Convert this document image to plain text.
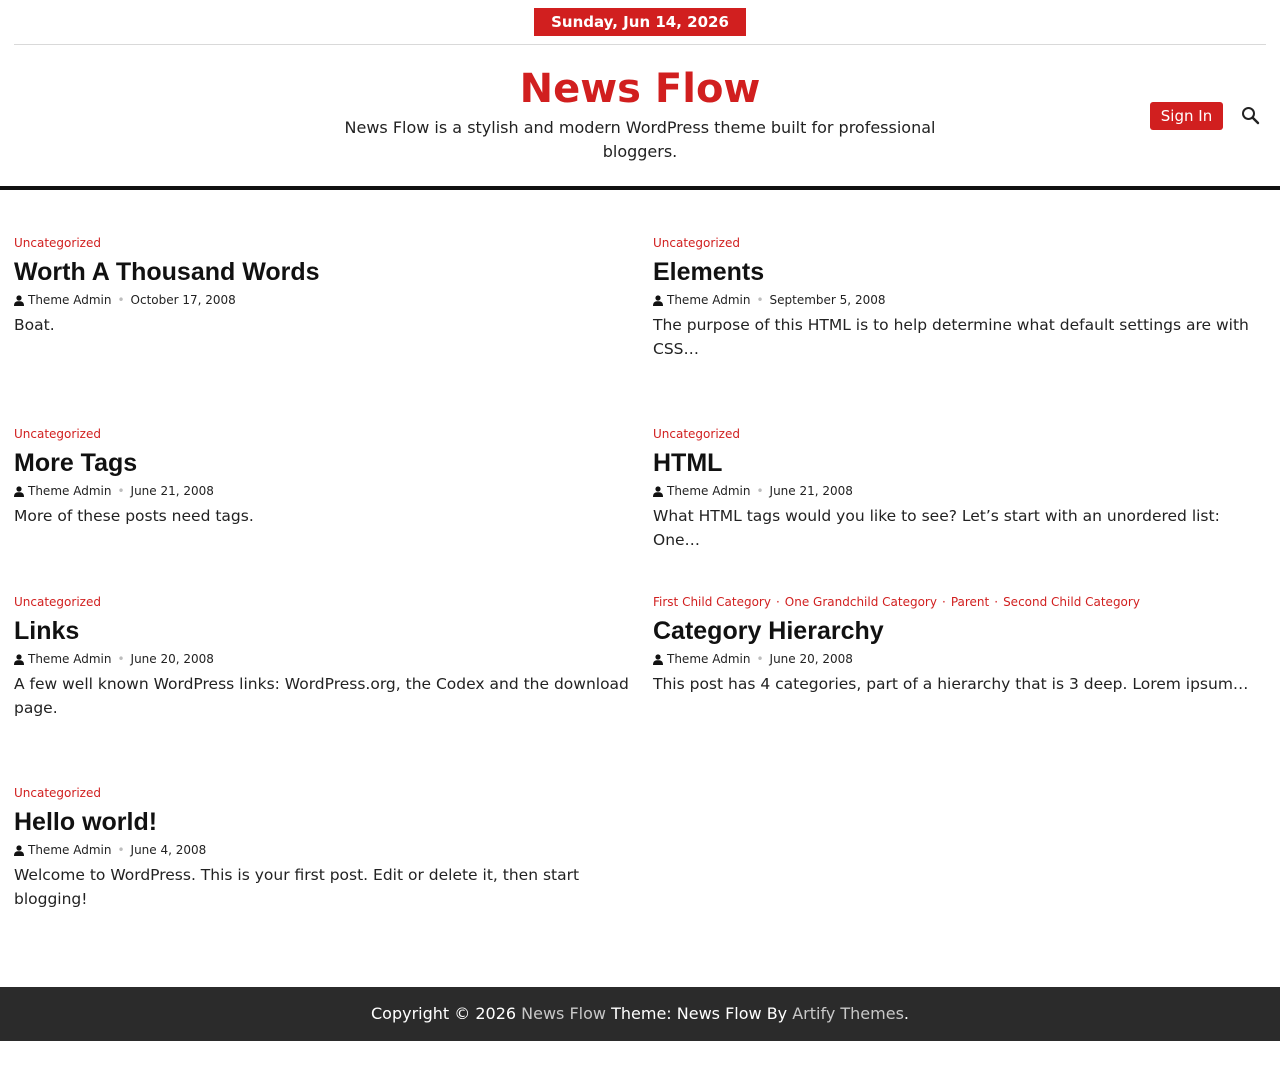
Sunday, Jun 14, 2026
News Flow
News Flow is a stylish and modern WordPress theme built for professional bloggers.
Sign In
Uncategorized
Worth A Thousand Words
Theme Admin • October 17, 2008
Boat.
Uncategorized
Elements
Theme Admin • September 5, 2008
The purpose of this HTML is to help determine what default settings are with CSS…
Uncategorized
More Tags
Theme Admin • June 21, 2008
More of these posts need tags.
Uncategorized
HTML
Theme Admin • June 21, 2008
What HTML tags would you like to see? Let’s start with an unordered list: One…
Uncategorized
Links
Theme Admin • June 20, 2008
A few well known WordPress links: WordPress.org, the Codex and the download page.
First Child Category · One Grandchild Category · Parent · Second Child Category
Category Hierarchy
Theme Admin • June 20, 2008
This post has 4 categories, part of a hierarchy that is 3 deep. Lorem ipsum…
Uncategorized
Hello world!
Theme Admin • June 4, 2008
Welcome to WordPress. This is your first post. Edit or delete it, then start blogging!
Copyright © 2026 News Flow Theme: News Flow By Artify Themes.
